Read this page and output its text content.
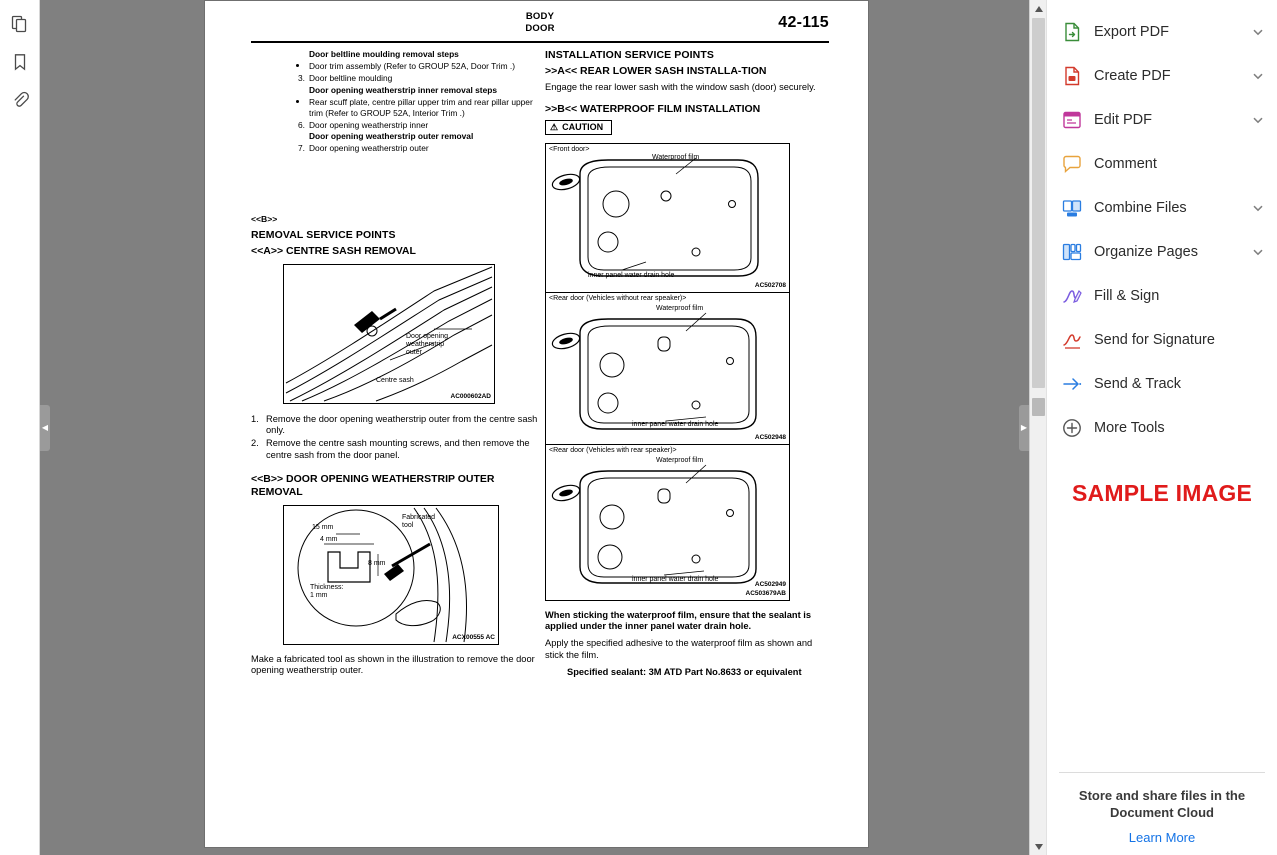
◀	▶
BODY
DOOR	42-115
<<B>>
Door beltline moulding removal steps
Door trim assembly (Refer to GROUP 52A, Door Trim .)
3. Door beltline moulding
Door opening weatherstrip inner removal steps
Rear scuff plate, centre pillar upper trim and rear pillar upper trim (Refer to GROUP 52A, Interior Trim .)
6. Door opening weatherstrip inner
Door opening weatherstrip outer removal
7. Door opening weatherstrip outer
REMOVAL SERVICE POINTS
<<A>> CENTRE SASH REMOVAL
Door opening
weatherstrip
outer
Centre sash
AC000602AD
1. Remove the door opening weatherstrip outer from the centre sash only.
2. Remove the centre sash mounting screws, and then remove the centre sash from the door panel.
<<B>> DOOR OPENING WEATHERSTRIP OUTER REMOVAL
15 mm
4 mm
8 mm
Thickness:
1 mm
Fabricated
tool
ACX00555 AC

Make a fabricated tool as shown in the illustration to remove the door opening weatherstrip outer.

INSTALLATION SERVICE POINTS
>>A<< REAR LOWER SASH INSTALLA-TION

Engage the rear lower sash with the window sash (door) securely.

>>B<< WATERPROOF FILM INSTALLATION
⚠ CAUTION
<Front door>
Waterproof film
inner panel water drain hole
AC502708
<Rear door (Vehicles without rear speaker)>
Waterproof film
inner panel water drain hole
AC502948
<Rear door (Vehicles with rear speaker)>
Waterproof film
inner panel water drain hole
AC502949
AC503679AB

When sticking the waterproof film, ensure that the sealant is applied under the inner panel water drain hole.

Apply the specified adhesive to the waterproof film as shown and stick the film.

Specified sealant: 3M ATD Part No.8633 or equivalent

Export PDF
Create PDF
Edit PDF
Comment
Combine Files
Organize Pages
Fill & Sign
Send for Signature
Send & Track
More Tools
SAMPLE IMAGE
Store and share files in the Document Cloud
Learn More
